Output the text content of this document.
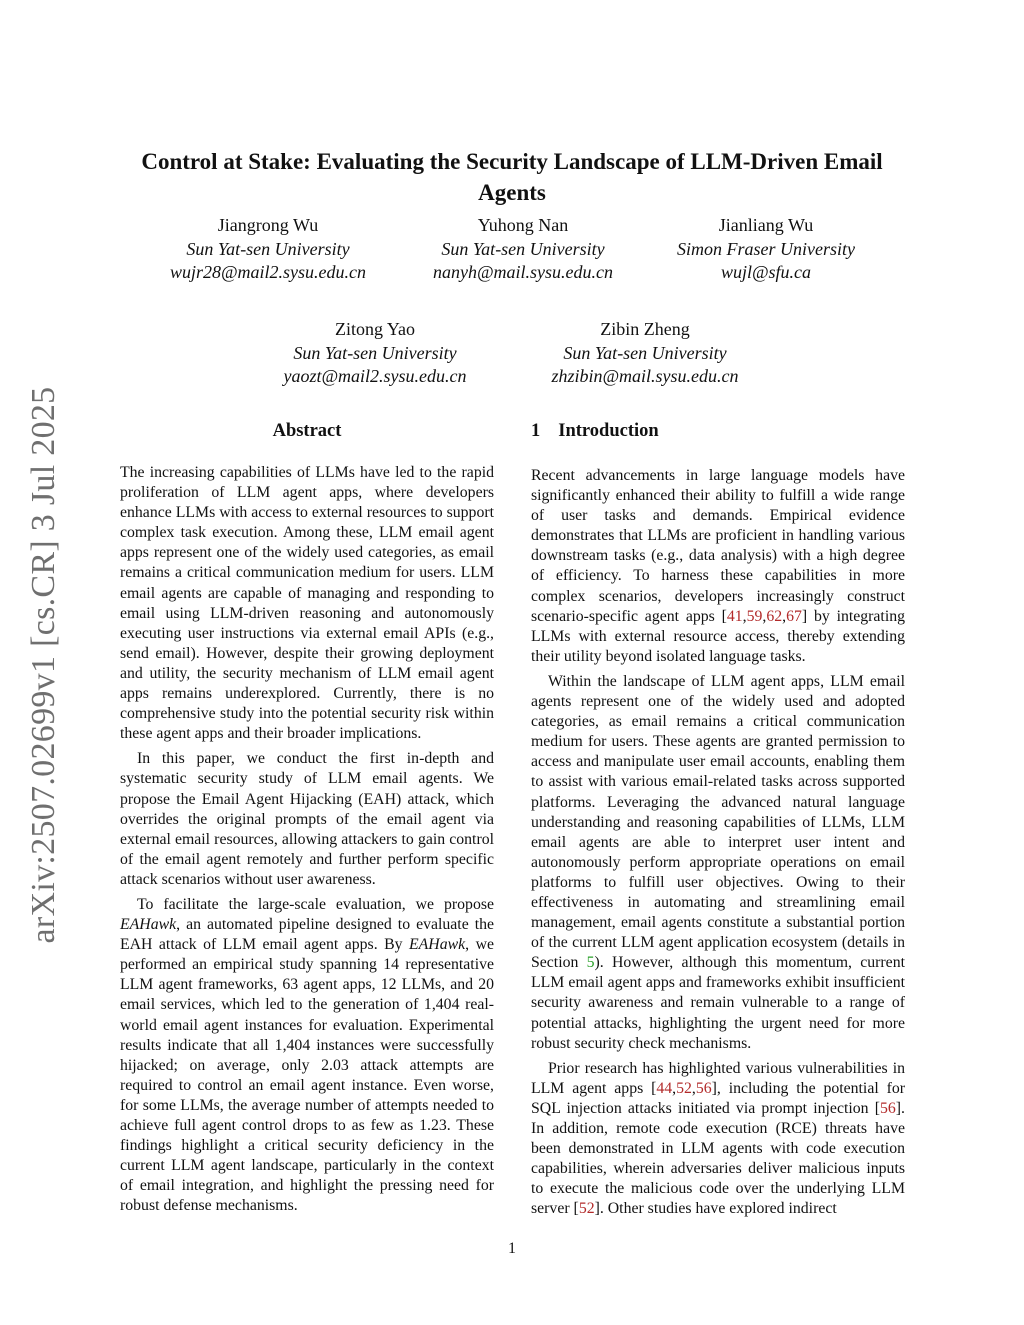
arXiv:2507.02699v1 [cs.CR] 3 Jul 2025
Control at Stake: Evaluating the Security Landscape of LLM-Driven Email Agents
Jiangrong Wu
Sun Yat-sen University
wujr28@mail2.sysu.edu.cn
Yuhong Nan
Sun Yat-sen University
nanyh@mail.sysu.edu.cn
Jianliang Wu
Simon Fraser University
wujl@sfu.ca
Zitong Yao
Sun Yat-sen University
yaozt@mail2.sysu.edu.cn
Zibin Zheng
Sun Yat-sen University
zhzibin@mail.sysu.edu.cn
Abstract

The increasing capabilities of LLMs have led to the rapid proliferation of LLM agent apps, where developers enhance LLMs with access to external resources to support complex task execution. Among these, LLM email agent apps represent one of the widely used categories, as email remains a critical communication medium for users. LLM email agents are capable of managing and responding to email using LLM-driven reasoning and autonomously executing user instructions via external email APIs (e.g., send email). However, despite their growing deployment and utility, the security mechanism of LLM email agent apps remains underexplored. Currently, there is no comprehensive study into the potential security risk within these agent apps and their broader implications.

In this paper, we conduct the first in-depth and systematic security study of LLM email agents. We propose the Email Agent Hijacking (EAH) attack, which overrides the original prompts of the email agent via external email resources, allowing attackers to gain control of the email agent remotely and further perform specific attack scenarios without user awareness.

To facilitate the large-scale evaluation, we propose EAHawk, an automated pipeline designed to evaluate the EAH attack of LLM email agent apps. By EAHawk, we performed an empirical study spanning 14 representative LLM agent frameworks, 63 agent apps, 12 LLMs, and 20 email services, which led to the generation of 1,404 real-world email agent instances for evaluation. Experimental results indicate that all 1,404 instances were successfully hijacked; on average, only 2.03 attack attempts are required to control an email agent instance. Even worse, for some LLMs, the average number of attempts needed to achieve full agent control drops to as few as 1.23. These findings highlight a critical security deficiency in the current LLM agent landscape, particularly in the context of email integration, and highlight the pressing need for robust defense mechanisms.

1 Introduction

Recent advancements in large language models have significantly enhanced their ability to fulfill a wide range of user tasks and demands. Empirical evidence demonstrates that LLMs are proficient in handling various downstream tasks (e.g., data analysis) with a high degree of efficiency. To harness these capabilities in more complex scenarios, developers increasingly construct scenario-specific agent apps [41,59,62,67] by integrating LLMs with external resource access, thereby extending their utility beyond isolated language tasks.

Within the landscape of LLM agent apps, LLM email agents represent one of the widely used and adopted categories, as email remains a critical communication medium for users. These agents are granted permission to access and manipulate user email accounts, enabling them to assist with various email-related tasks across supported platforms. Leveraging the advanced natural language understanding and reasoning capabilities of LLMs, LLM email agents are able to interpret user intent and autonomously perform appropriate operations on email platforms to fulfill user objectives. Owing to their effectiveness in automating and streamlining email management, email agents constitute a substantial portion of the current LLM agent application ecosystem (details in Section 5). However, although this momentum, current LLM email agent apps and frameworks exhibit insufficient security awareness and remain vulnerable to a range of potential attacks, highlighting the urgent need for more robust security check mechanisms.

Prior research has highlighted various vulnerabilities in LLM agent apps [44,52,56], including the potential for SQL injection attacks initiated via prompt injection [56]. In addition, remote code execution (RCE) threats have been demonstrated in LLM agents with code execution capabilities, wherein adversaries deliver malicious inputs to execute the malicious code over the underlying LLM server [52]. Other studies have explored indirect

1
